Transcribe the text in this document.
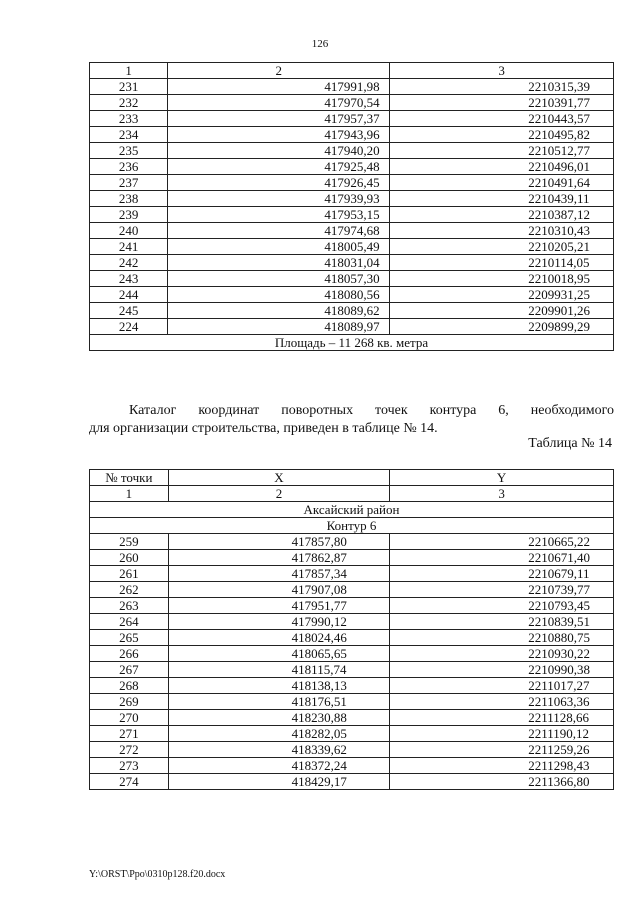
126
1	2	3
231	417991,98	2210315,39
232	417970,54	2210391,77
233	417957,37	2210443,57
234	417943,96	2210495,82
235	417940,20	2210512,77
236	417925,48	2210496,01
237	417926,45	2210491,64
238	417939,93	2210439,11
239	417953,15	2210387,12
240	417974,68	2210310,43
241	418005,49	2210205,21
242	418031,04	2210114,05
243	418057,30	2210018,95
244	418080,56	2209931,25
245	418089,62	2209901,26
224	418089,97	2209899,29
Площадь – 11 268 кв. метра		
Каталог координат поворотных точек контура 6, необходимого
для организации строительства, приведен в таблице № 14.
Таблица № 14
№ точки	X	Y
1	2	3
Аксайский район		
Контур 6		
259	417857,80	2210665,22
260	417862,87	2210671,40
261	417857,34	2210679,11
262	417907,08	2210739,77
263	417951,77	2210793,45
264	417990,12	2210839,51
265	418024,46	2210880,75
266	418065,65	2210930,22
267	418115,74	2210990,38
268	418138,13	2211017,27
269	418176,51	2211063,36
270	418230,88	2211128,66
271	418282,05	2211190,12
272	418339,62	2211259,26
273	418372,24	2211298,43
274	418429,17	2211366,80
Y:\ORST\Ppo\0310p128.f20.docx
